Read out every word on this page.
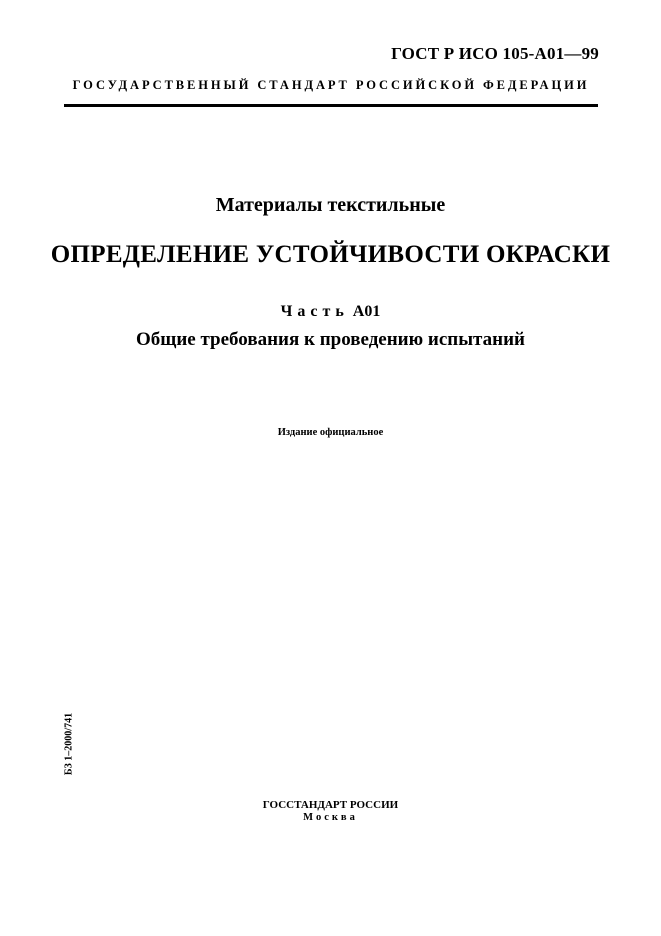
ГОСТ Р ИСО 105-А01—99
ГОСУДАРСТВЕННЫЙ СТАНДАРТ РОССИЙСКОЙ ФЕДЕРАЦИИ
Материалы текстильные
ОПРЕДЕЛЕНИЕ УСТОЙЧИВОСТИ ОКРАСКИ
Часть А01
Общие требования к проведению испытаний
Издание официальное
БЗ 1–2000/741
ГОССТАНДАРТ РОССИИ
Москва
